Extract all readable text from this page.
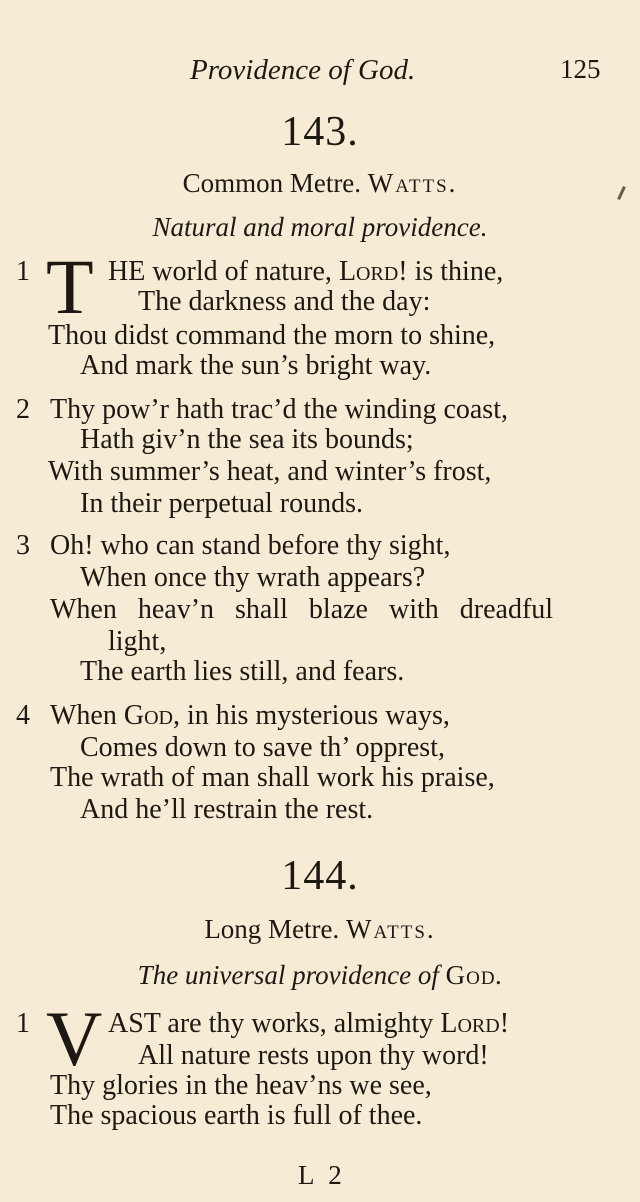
Providence of God.	125
143.
Common Metre. Watts.
Natural and moral providence.
1 T HE world of nature, Lord! is thine,
The darkness and the day:
Thou didst command the morn to shine,
And mark the sun’s bright way.
2 Thy pow’r hath trac’d the winding coast,
Hath giv’n the sea its bounds;
With summer’s heat, and winter’s frost,
In their perpetual rounds.
3 Oh! who can stand before thy sight,
When once thy wrath appears?
When heav’n shall blaze with dreadful
light,
The earth lies still, and fears.
4 When God, in his mysterious ways,
Comes down to save th’ opprest,
The wrath of man shall work his praise,
And he’ll restrain the rest.
144.
Long Metre. Watts.
The universal providence of God.
1 V AST are thy works, almighty Lord!
All nature rests upon thy word!
Thy glories in the heav’ns we see,
The spacious earth is full of thee.
L 2
